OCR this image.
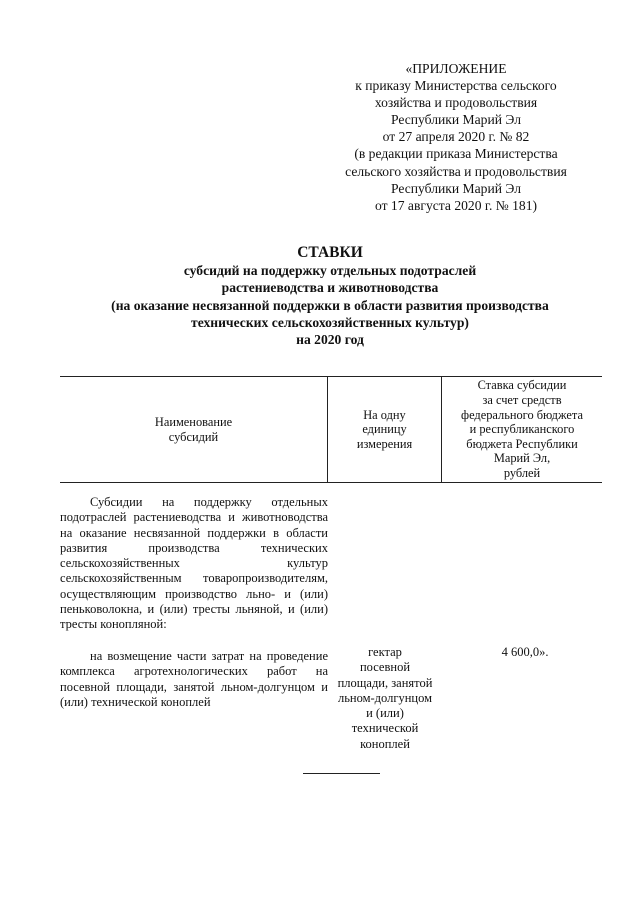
«ПРИЛОЖЕНИЕ
к приказу Министерства сельского
хозяйства и продовольствия
Республики Марий Эл
от 27 апреля 2020 г. № 82
(в редакции приказа Министерства
сельского хозяйства и продовольствия
Республики Марий Эл
от 17 августа 2020 г. № 181)
СТАВКИ
субсидий на поддержку отдельных подотраслей
растениеводства и животноводства
(на оказание несвязанной поддержки в области развития производства
технических сельскохозяйственных культур)
на 2020 год
Наименование
субсидий
На одну
единицу
измерения
Ставка субсидии
за счет средств
федерального бюджета
и республиканского
бюджета Республики
Марий Эл,
рублей
Субсидии на поддержку отдельных подотраслей растениеводства и животноводства на оказание несвязанной поддержки в области развития производства технических сельскохозяйственных культур сельскохозяйственным товаропроизводителям, осуществляющим производство льно- и (или) пеньковолокна, и (или) тресты льняной, и (или) тресты конопляной:
на возмещение части затрат на проведение комплекса агротехнологических работ на посевной площади, занятой льном-долгунцом и (или) технической коноплей
гектар
посевной
площади, занятой
льном-долгунцом
и (или)
технической
коноплей
4 600,0».
